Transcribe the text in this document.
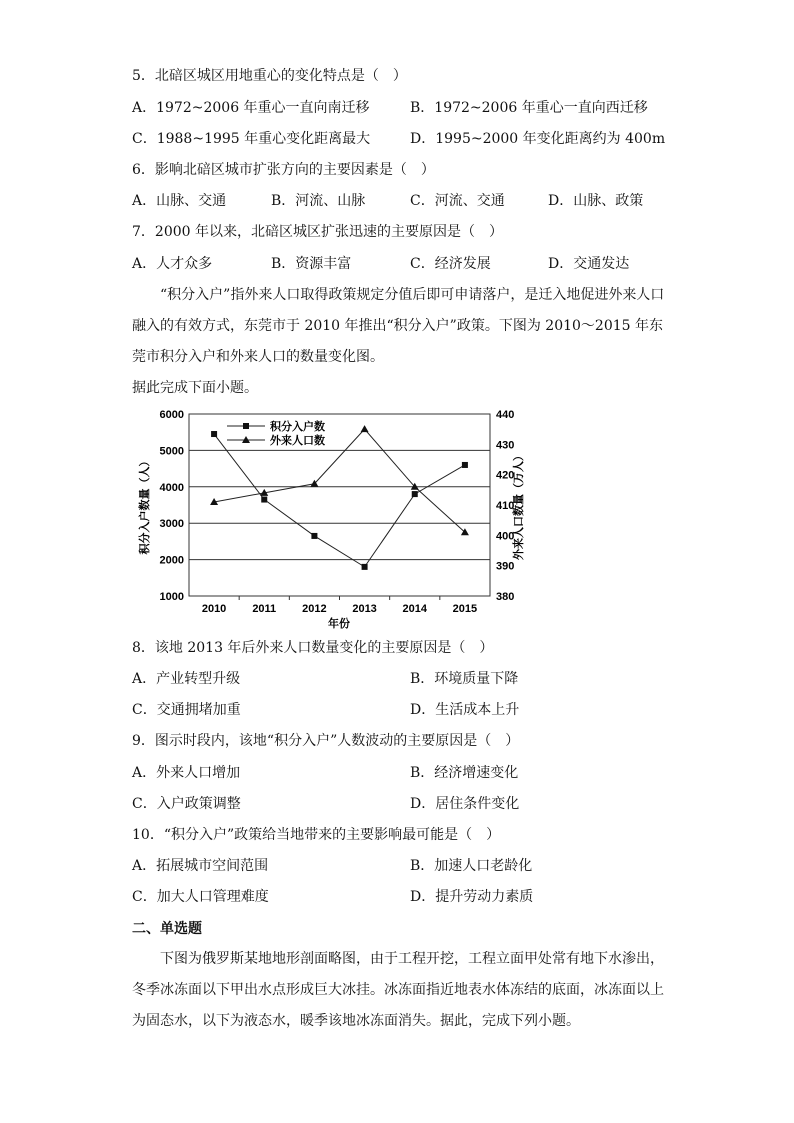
5．北碚区城区用地重心的变化特点是（　）
A．1972~2006 年重心一直向南迁移	B．1972~2006 年重心一直向西迁移
C．1988~1995 年重心变化距离最大	D．1995~2000 年变化距离约为 400m
6．影响北碚区城市扩张方向的主要因素是（　）
A．山脉、交通	B．河流、山脉	C．河流、交通	D．山脉、政策
7．2000 年以来，北碚区城区扩张迅速的主要原因是（　）
A．人才众多	B．资源丰富	C．经济发展	D．交通发达
“积分入户”指外来人口取得政策规定分值后即可申请落户，是迁入地促进外来人口融入的有效方式，东莞市于 2010 年推出“积分入户”政策。下图为 2010～2015 年东莞市积分入户和外来人口的数量变化图。
据此完成下面小题。
1000
2000
3000
4000
5000
6000
380
390
400
410
420
430
440
2010 2011 2012 2013 2014 2015
积分入户数
外来人口数
年份
积分入户数量（人）	外来人口数量（万人）
8．该地 2013 年后外来人口数量变化的主要原因是（　）
A．产业转型升级	B．环境质量下降
C．交通拥堵加重	D．生活成本上升
9．图示时段内，该地“积分入户”人数波动的主要原因是（　）
A．外来人口增加	B．经济增速变化
C．入户政策调整	D．居住条件变化
10．“积分入户”政策给当地带来的主要影响最可能是（　）
A．拓展城市空间范围	B．加速人口老龄化
C．加大人口管理难度	D．提升劳动力素质
二、单选题
下图为俄罗斯某地地形剖面略图，由于工程开挖，工程立面甲处常有地下水渗出，冬季冰冻面以下甲出水点形成巨大冰挂。冰冻面指近地表水体冻结的底面，冰冻面以上为固态水，以下为液态水，暖季该地冰冻面消失。据此，完成下列小题。
